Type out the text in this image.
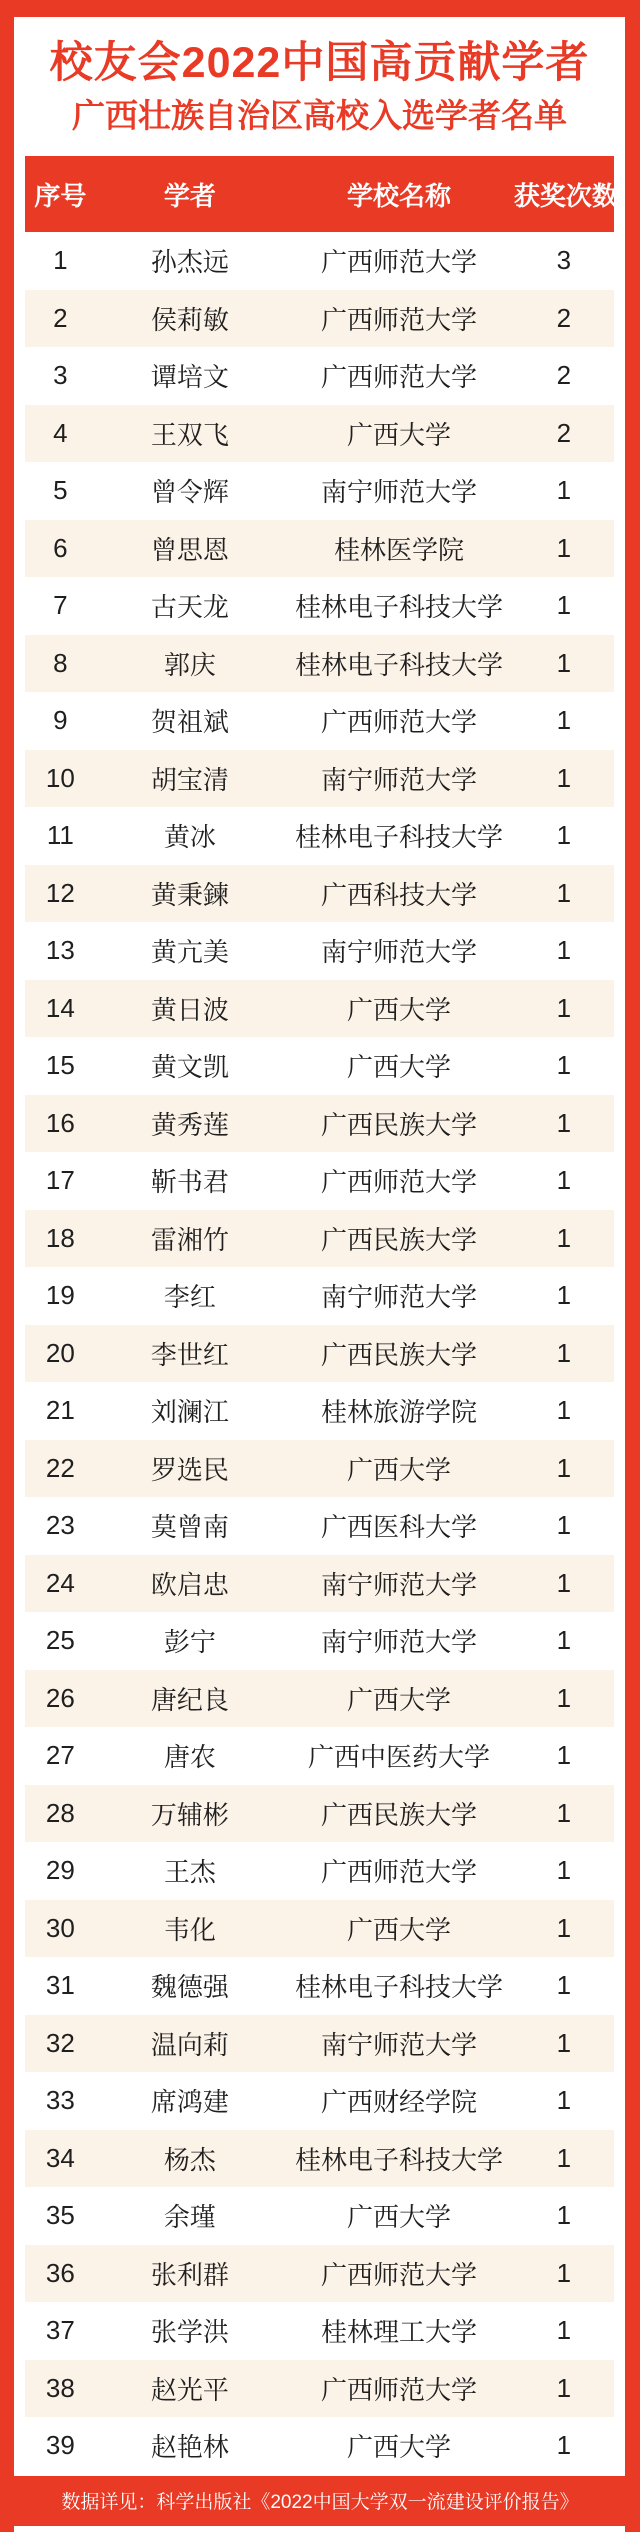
校友会2022中国高贡献学者
广西壮族自治区高校入选学者名单
序号	学者	学校名称	获奖次数
1	孙杰远	广西师范大学	3
2	侯莉敏	广西师范大学	2
3	谭培文	广西师范大学	2
4	王双飞	广西大学	2
5	曾令辉	南宁师范大学	1
6	曾思恩	桂林医学院	1
7	古天龙	桂林电子科技大学	1
8	郭庆	桂林电子科技大学	1
9	贺祖斌	广西师范大学	1
10	胡宝清	南宁师范大学	1
11	黄冰	桂林电子科技大学	1
12	黄秉鍊	广西科技大学	1
13	黄亢美	南宁师范大学	1
14	黄日波	广西大学	1
15	黄文凯	广西大学	1
16	黄秀莲	广西民族大学	1
17	靳书君	广西师范大学	1
18	雷湘竹	广西民族大学	1
19	李红	南宁师范大学	1
20	李世红	广西民族大学	1
21	刘澜江	桂林旅游学院	1
22	罗选民	广西大学	1
23	莫曾南	广西医科大学	1
24	欧启忠	南宁师范大学	1
25	彭宁	南宁师范大学	1
26	唐纪良	广西大学	1
27	唐农	广西中医药大学	1
28	万辅彬	广西民族大学	1
29	王杰	广西师范大学	1
30	韦化	广西大学	1
31	魏德强	桂林电子科技大学	1
32	温向莉	南宁师范大学	1
33	席鸿建	广西财经学院	1
34	杨杰	桂林电子科技大学	1
35	余瑾	广西大学	1
36	张利群	广西师范大学	1
37	张学洪	桂林理工大学	1
38	赵光平	广西师范大学	1
39	赵艳林	广西大学	1
数据详见：科学出版社《2022中国大学双一流建设评价报告》
